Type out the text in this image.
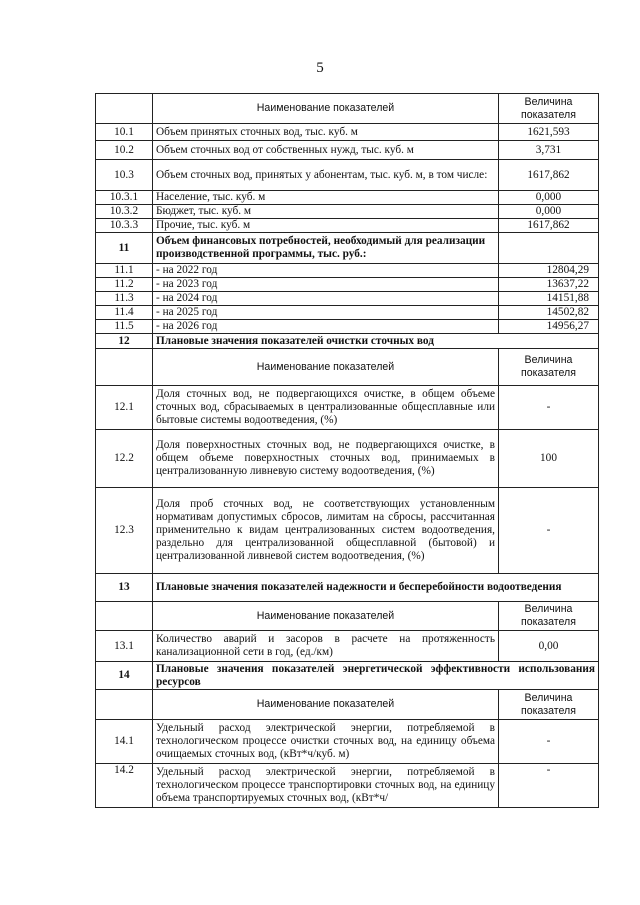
5
	Наименование показателей	Величина показателя
10.1	Объем принятых сточных вод, тыс. куб. м	1621,593
10.2	Объем сточных вод от собственных нужд, тыс. куб. м	3,731
10.3	Объем сточных вод, принятых у абонентам, тыс. куб. м, в том числе:	1617,862
10.3.1	Население, тыс. куб. м	0,000
10.3.2	Бюджет, тыс. куб. м	0,000
10.3.3	Прочие, тыс. куб. м	1617,862
11	Объем финансовых потребностей, необходимый для реализации производственной программы, тыс. руб.:	
11.1	- на 2022 год	12804,29
11.2	- на 2023 год	13637,22
11.3	- на 2024 год	14151,88
11.4	- на 2025 год	14502,82
11.5	- на 2026 год	14956,27
12	Плановые значения показателей очистки сточных вод	
	Наименование показателей	Величина показателя
12.1	Доля сточных вод, не подвергающихся очистке, в общем объеме сточных вод, сбрасываемых в централизованные общесплавные или бытовые системы водоотведения, (%)	-
12.2	Доля поверхностных сточных вод, не подвергающихся очистке, в общем объеме поверхностных сточных вод, принимаемых в централизованную ливневую систему водоотведения, (%)	100
12.3	Доля проб сточных вод, не соответствующих установленным нормативам допустимых сбросов, лимитам на сбросы, рассчитанная применительно к видам централизованных систем водоотведения, раздельно для централизованной общесплавной (бытовой) и централизованной ливневой систем водоотведения, (%)	-
13	Плановые значения показателей надежности и бесперебойности водоотведения	
	Наименование показателей	Величина показателя
13.1	Количество аварий и засоров в расчете на протяженность канализационной сети в год, (ед./км)	0,00
14	Плановые значения показателей энергетической эффективности использования ресурсов	
	Наименование показателей	Величина показателя
14.1	Удельный расход электрической энергии, потребляемой в технологическом процессе очистки сточных вод, на единицу объема очищаемых сточных вод, (кВт*ч/куб. м)	-
14.2	Удельный расход электрической энергии, потребляемой в технологическом процессе транспортировки сточных вод, на единицу объема транспортируемых сточных вод, (кВт*ч/	-
